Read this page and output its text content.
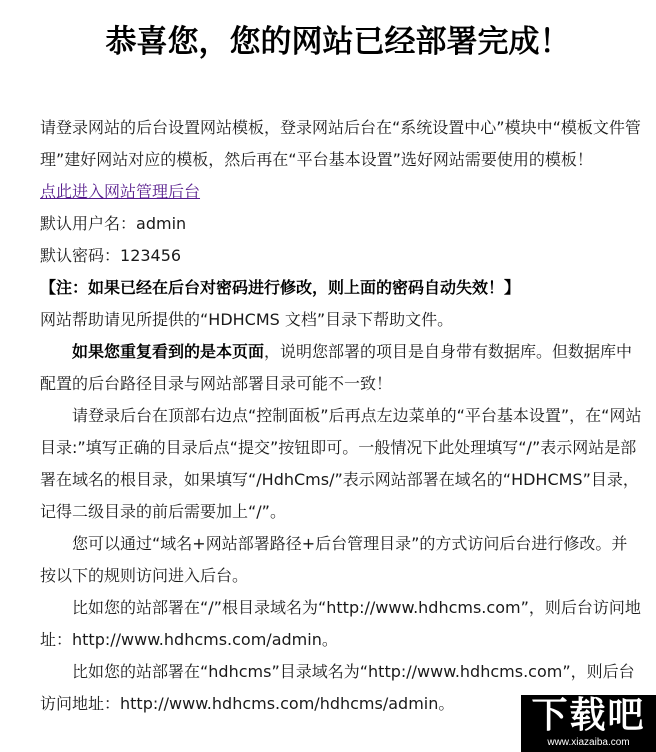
恭喜您，您的网站已经部署完成！

请登录网站的后台设置网站模板，登录网站后台在“系统设置中心”模块中“模板文件管理”建好网站对应的模板，然后再在“平台基本设置”选好网站需要使用的模板！

点此进入网站管理后台

默认用户名：admin

默认密码：123456

【注：如果已经在后台对密码进行修改，则上面的密码自动失效！】

网站帮助请见所提供的“HDHCMS 文档”目录下帮助文件。

如果您重复看到的是本页面，说明您部署的项目是自身带有数据库。但数据库中配置的后台路径目录与网站部署目录可能不一致！

请登录后台在顶部右边点“控制面板”后再点左边菜单的“平台基本设置”，在“网站目录:”填写正确的目录后点“提交”按钮即可。一般情况下此处理填写“/”表示网站是部署在域名的根目录，如果填写“/HdhCms/”表示网站部署在域名的“HDHCMS”目录，记得二级目录的前后需要加上“/”。

您可以通过“域名+网站部署路径+后台管理目录”的方式访问后台进行修改。并按以下的规则访问进入后台。

比如您的站部署在“/”根目录域名为“http://www.hdhcms.com”，则后台访问地址：http://www.hdhcms.com/admin。

比如您的站部署在“hdhcms”目录域名为“http://www.hdhcms.com”，则后台访问地址：http://www.hdhcms.com/hdhcms/admin。	下载吧
www.xiazaiba.com
